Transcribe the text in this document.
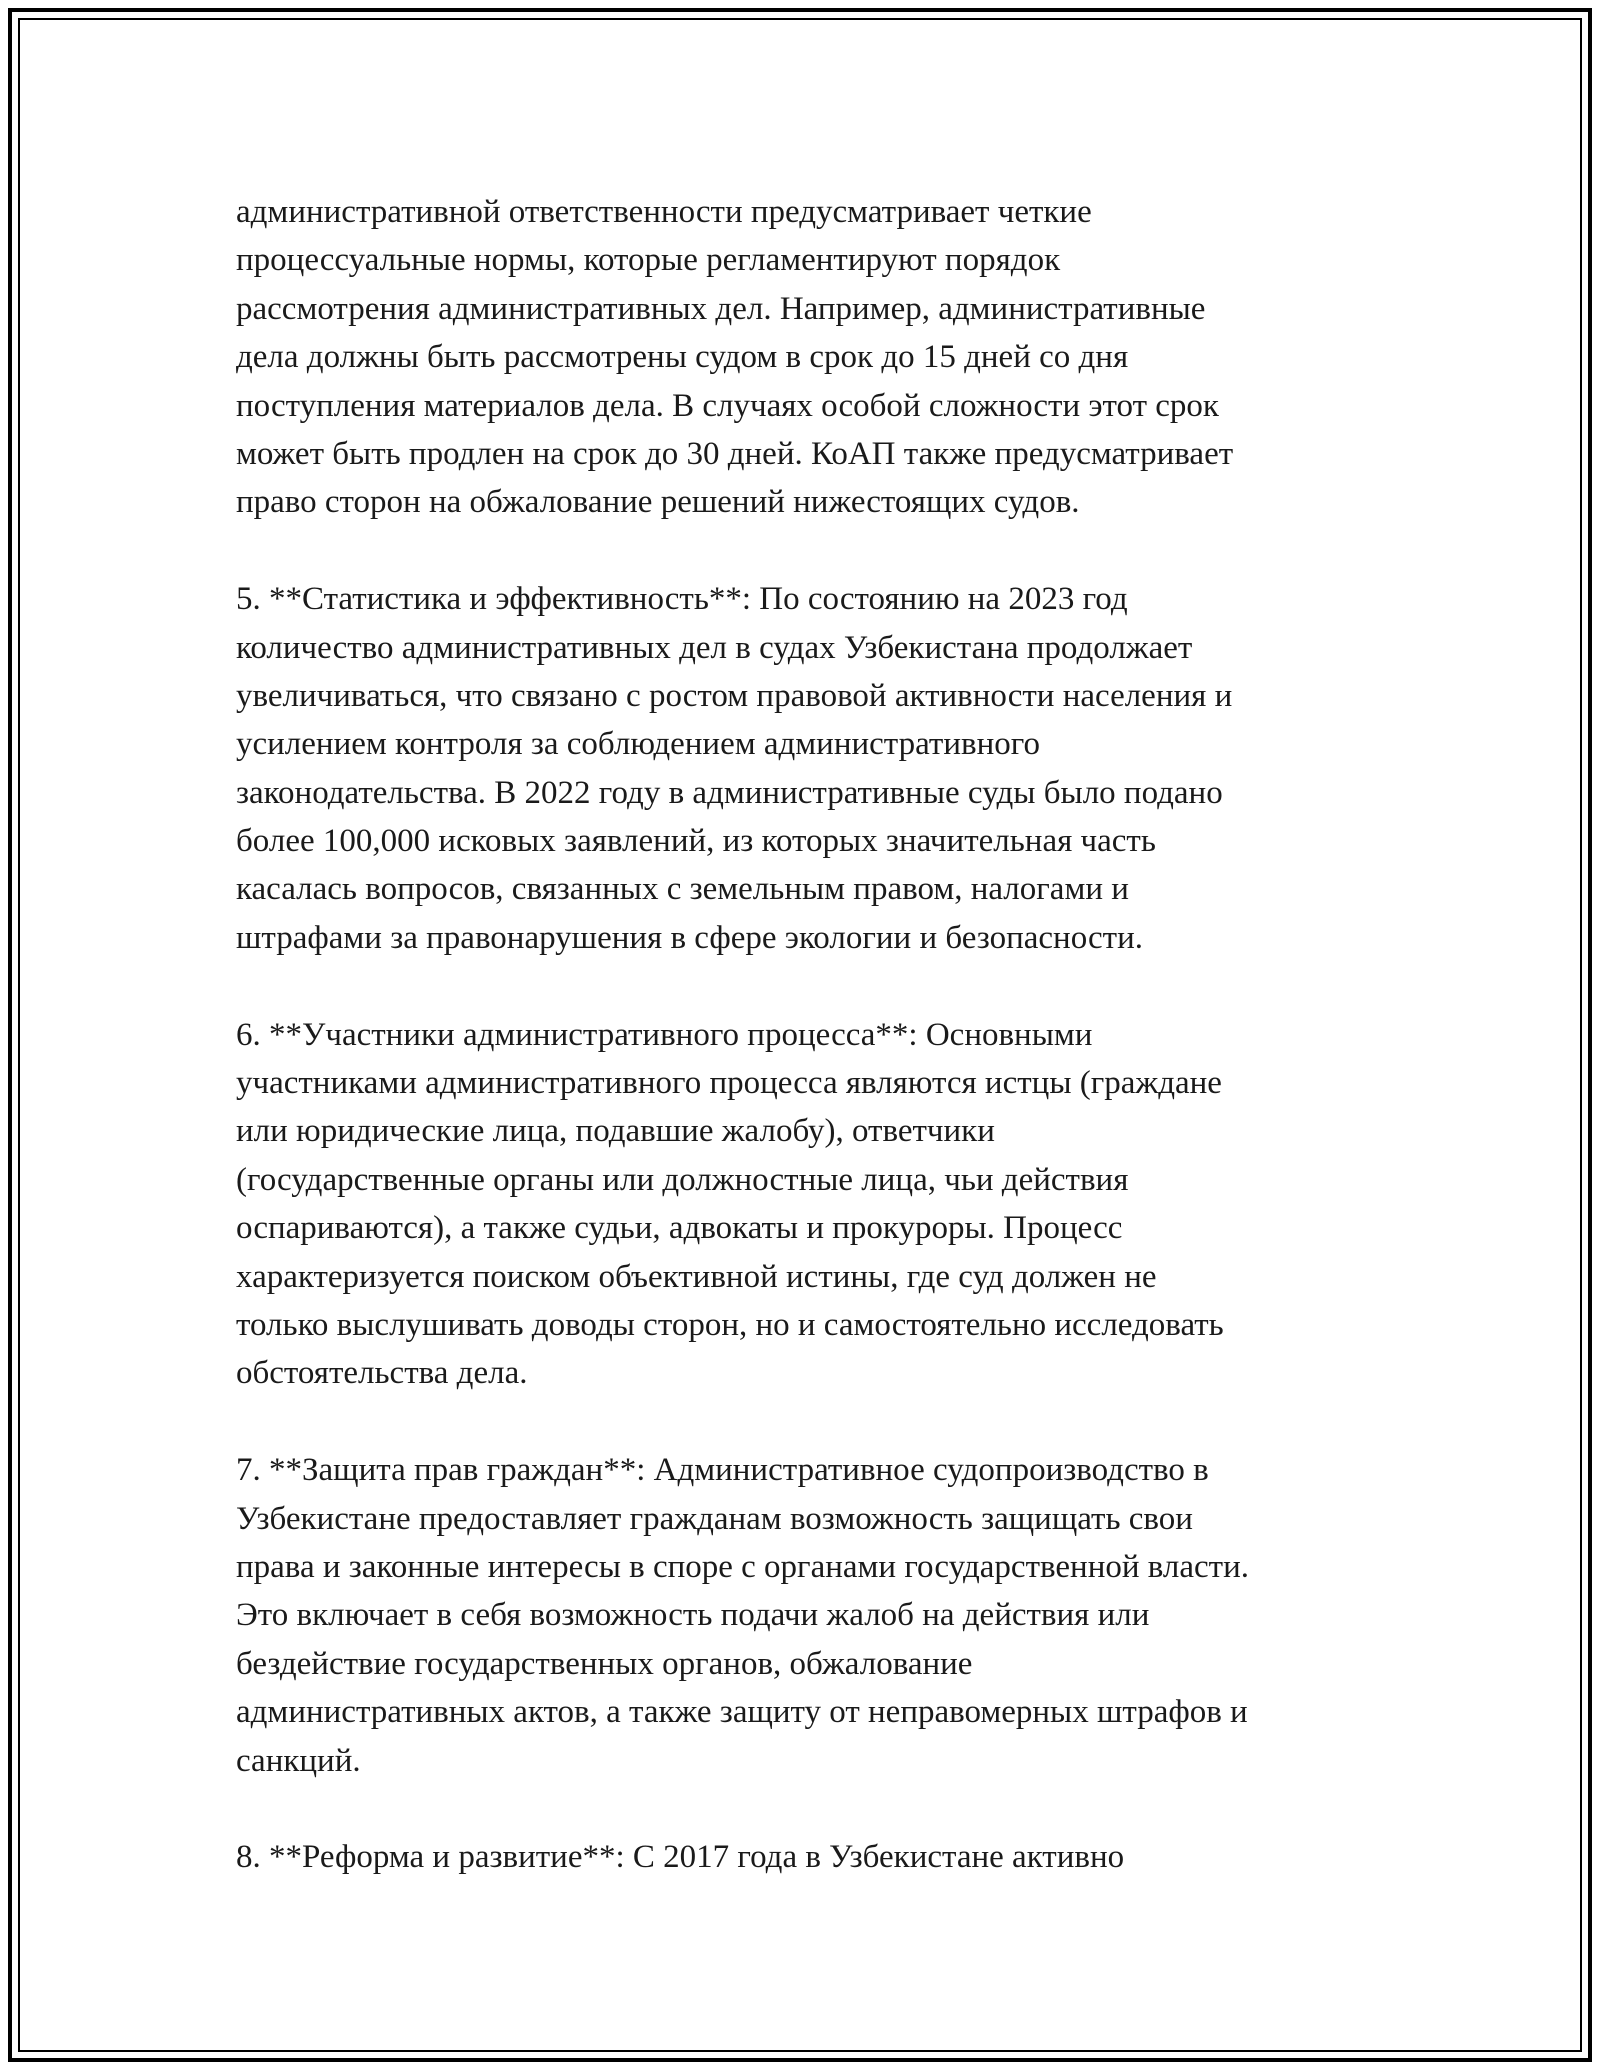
административной ответственности предусматривает четкие
процессуальные нормы, которые регламентируют порядок
рассмотрения административных дел. Например, административные
дела должны быть рассмотрены судом в срок до 15 дней со дня
поступления материалов дела. В случаях особой сложности этот срок
может быть продлен на срок до 30 дней. КоАП также предусматривает
право сторон на обжалование решений нижестоящих судов.
5. **Статистика и эффективность**: По состоянию на 2023 год
количество административных дел в судах Узбекистана продолжает
увеличиваться, что связано с ростом правовой активности населения и
усилением контроля за соблюдением административного
законодательства. В 2022 году в административные суды было подано
более 100,000 исковых заявлений, из которых значительная часть
касалась вопросов, связанных с земельным правом, налогами и
штрафами за правонарушения в сфере экологии и безопасности.
6. **Участники административного процесса**: Основными
участниками административного процесса являются истцы (граждане
или юридические лица, подавшие жалобу), ответчики
(государственные органы или должностные лица, чьи действия
оспариваются), а также судьи, адвокаты и прокуроры. Процесс
характеризуется поиском объективной истины, где суд должен не
только выслушивать доводы сторон, но и самостоятельно исследовать
обстоятельства дела.
7. **Защита прав граждан**: Административное судопроизводство в
Узбекистане предоставляет гражданам возможность защищать свои
права и законные интересы в споре с органами государственной власти.
Это включает в себя возможность подачи жалоб на действия или
бездействие государственных органов, обжалование
административных актов, а также защиту от неправомерных штрафов и
санкций.
8. **Реформа и развитие**: С 2017 года в Узбекистане активно
